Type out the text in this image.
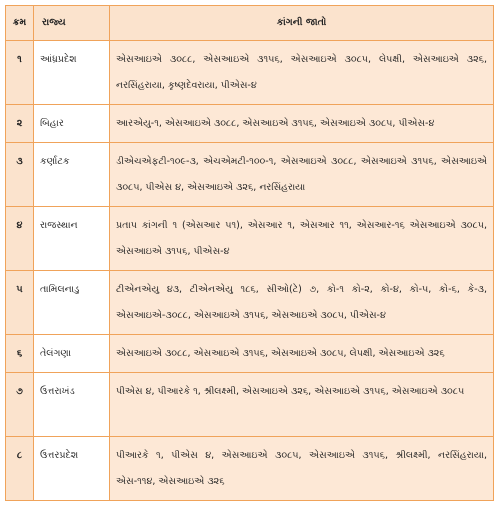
ક્રમ	રાજ્ય	કાંગની જાતો
૧	આંધ્રપ્રદેશ	એસઆઇએ ૩૦૮૮, એસઆઇએ ૩૧૫૬, એસઆઇએ ૩૦૮૫, લેપક્ષી, એસઆઇએ ૩૨૬, નરસિંહરાયા, કૃષ્ણદેવરાયા, પીએસ-૪
૨	બિહાર	આરએયુ-૧, એસઆઇએ ૩૦૮૮, એસઆઇએ ૩૧૫૬, એસઆઇએ ૩૦૮૫, પીએસ-૪
૩	કર્ણાટક	ડીએચએફટી-૧૦૯-૩, એચએમટી-૧૦૦-૧, એસઆઇએ ૩૦૮૮, એસઆઇએ ૩૧૫૬, એસઆઇએ ૩૦૮૫, પીએસ ૪, એસઆઇએ ૩૨૬, નરસિંહરાયા
૪	રાજસ્થાન	પ્રતાપ કાંગની ૧ (એસઆર ૫૧), એસઆર ૧, એસઆર ૧૧, એસઆર-૧૬ એસઆઇએ ૩૦૮૫, એસઆઇએ ૩૧૫૬, પીએસ-૪
૫	તામિલનાડુ	ટીએનએયુ ૪૩, ટીએનએયુ ૧૮૬, સીઓ(ટે) ૭, કો-૧ કો-૨, કો-૪, કો-૫, કો-૬, કે-૩, એસઆઇએ-૩૦૮૮, એસઆઇએ ૩૧૫૬, એસઆઇએ ૩૦૮૫, પીએસ-૪
૬	તેલંગણા	એસઆઇએ ૩૦૮૮, એસઆઇએ ૩૧૫૬, એસઆઇએ ૩૦૮૫, લેપક્ષી, એસઆઇએ ૩૨૬
૭	ઉત્તરાખંડ	પીએસ ૪, પીઆરકે ૧, શ્રીલક્ષ્મી, એસઆઇએ ૩૨૬, એસઆઇએ ૩૧૫૬, એસઆઇએ ૩૦૮૫
૮	ઉત્તરપ્રદેશ	પીઆરકે ૧, પીએસ ૪, એસઆઇએ ૩૦૮૫, એસઆઇએ ૩૧૫૬, શ્રીલક્ષ્મી, નરસિંહરાયા, એસ-૧૧૪, એસઆઇએ ૩૨૬
